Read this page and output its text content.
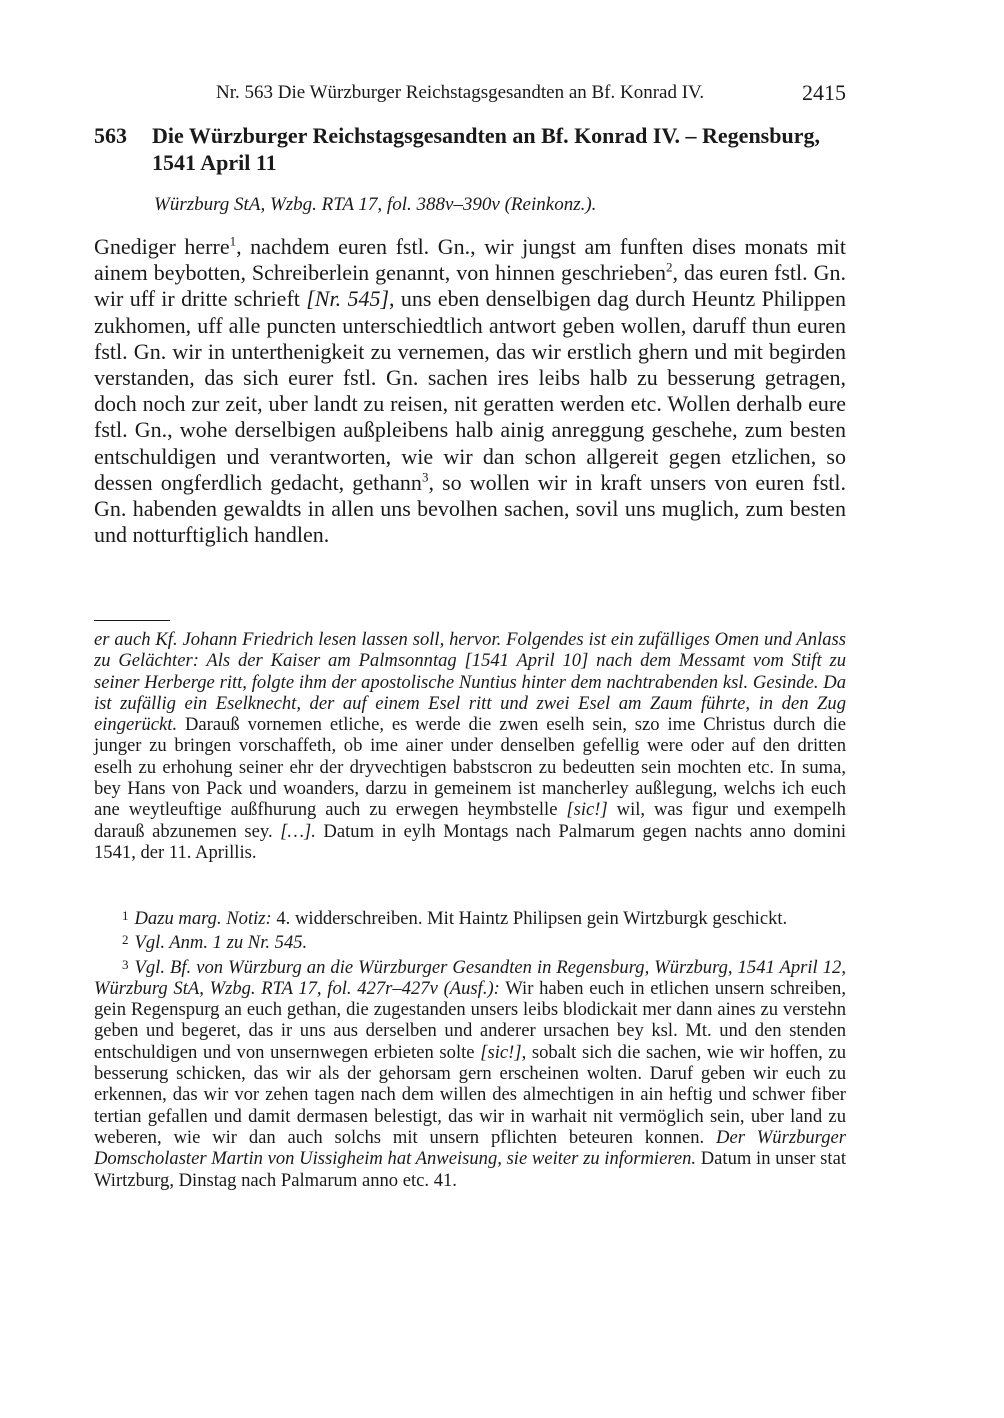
Nr. 563 Die Würzburger Reichstagsgesandten an Bf. Konrad IV.	2415
563 Die Würzburger Reichstagsgesandten an Bf. Konrad IV. – Regensburg, 1541 April 11
Würzburg StA, Wzbg. RTA 17, fol. 388v–390v (Reinkonz.).

Gnediger herre$^1$, nachdem euren fstl. Gn., wir jungst am funften dises monats mit ainem beybotten, Schreiberlein genannt, von hinnen geschrieben$^2$, das euren fstl. Gn. wir uff ir dritte schrieft [Nr. 545], uns eben denselbigen dag durch Heuntz Philippen zukhomen, uff alle puncten unterschiedtlich antwort geben wollen, daruff thun euren fstl. Gn. wir in unterthenigkeit zu vernemen, das wir erstlich ghern und mit begirden verstanden, das sich eurer fstl. Gn. sachen ires leibs halb zu besserung getragen, doch noch zur zeit, uber landt zu reisen, nit geratten werden etc. Wollen derhalb eure fstl. Gn., wohe derselbigen außpleibens halb ainig anreggung geschehe, zum besten entschuldigen und verantworten, wie wir dan schon allgereit gegen etzlichen, so dessen ongferdlich gedacht, gethann$^3$, so wollen wir in kraft unsers von euren fstl. Gn. habenden gewaldts in allen uns bevolhen sachen, sovil uns muglich, zum besten und notturftiglich handlen.

er auch Kf. Johann Friedrich lesen lassen soll, hervor. Folgendes ist ein zufälliges Omen und Anlass zu Gelächter: Als der Kaiser am Palmsonntag [1541 April 10] nach dem Messamt vom Stift zu seiner Herberge ritt, folgte ihm der apostolische Nuntius hinter dem nachtrabenden ksl. Gesinde. Da ist zufällig ein Eselknecht, der auf einem Esel ritt und zwei Esel am Zaum führte, in den Zug eingerückt. Darauß vornemen etliche, es werde die zwen eselh sein, szo ime Christus durch die junger zu bringen vorschaffeth, ob ime ainer under denselben gefellig were oder auf den dritten eselh zu erhohung seiner ehr der dryvechtigen babstscron zu bedeutten sein mochten etc. In suma, bey Hans von Pack und woanders, darzu in gemeinem ist mancherley außlegung, welchs ich euch ane weytleuftige außfhurung auch zu erwegen heymbstelle [sic!] wil, was figur und exempelh darauß abzunemen sey. […]. Datum in eylh Montags nach Palmarum gegen nachts anno domini 1541, der 11. Aprillis.

$^1$ Dazu marg. Notiz: 4. widderschreiben. Mit Haintz Philipsen gein Wirtzburgk geschickt.

$^2$ Vgl. Anm. 1 zu Nr. 545.

$^3$ Vgl. Bf. von Würzburg an die Würzburger Gesandten in Regensburg, Würzburg, 1541 April 12, Würzburg StA, Wzbg. RTA 17, fol. 427r–427v (Ausf.): Wir haben euch in etlichen unsern schreiben, gein Regenspurg an euch gethan, die zugestanden unsers leibs blodickait mer dann aines zu verstehn geben und begeret, das ir uns aus derselben und anderer ursachen bey ksl. Mt. und den stenden entschuldigen und von unsernwegen erbieten solte [sic!], sobalt sich die sachen, wie wir hoffen, zu besserung schicken, das wir als der gehorsam gern erscheinen wolten. Daruf geben wir euch zu erkennen, das wir vor zehen tagen nach dem willen des almechtigen in ain heftig und schwer fiber tertian gefallen und damit dermasen belestigt, das wir in warhait nit vermöglich sein, uber land zu weberen, wie wir dan auch solchs mit unsern pflichten beteuren konnen. Der Würzburger Domscholaster Martin von Uissigheim hat Anweisung, sie weiter zu informieren. Datum in unser stat Wirtzburg, Dinstag nach Palmarum anno etc. 41.
